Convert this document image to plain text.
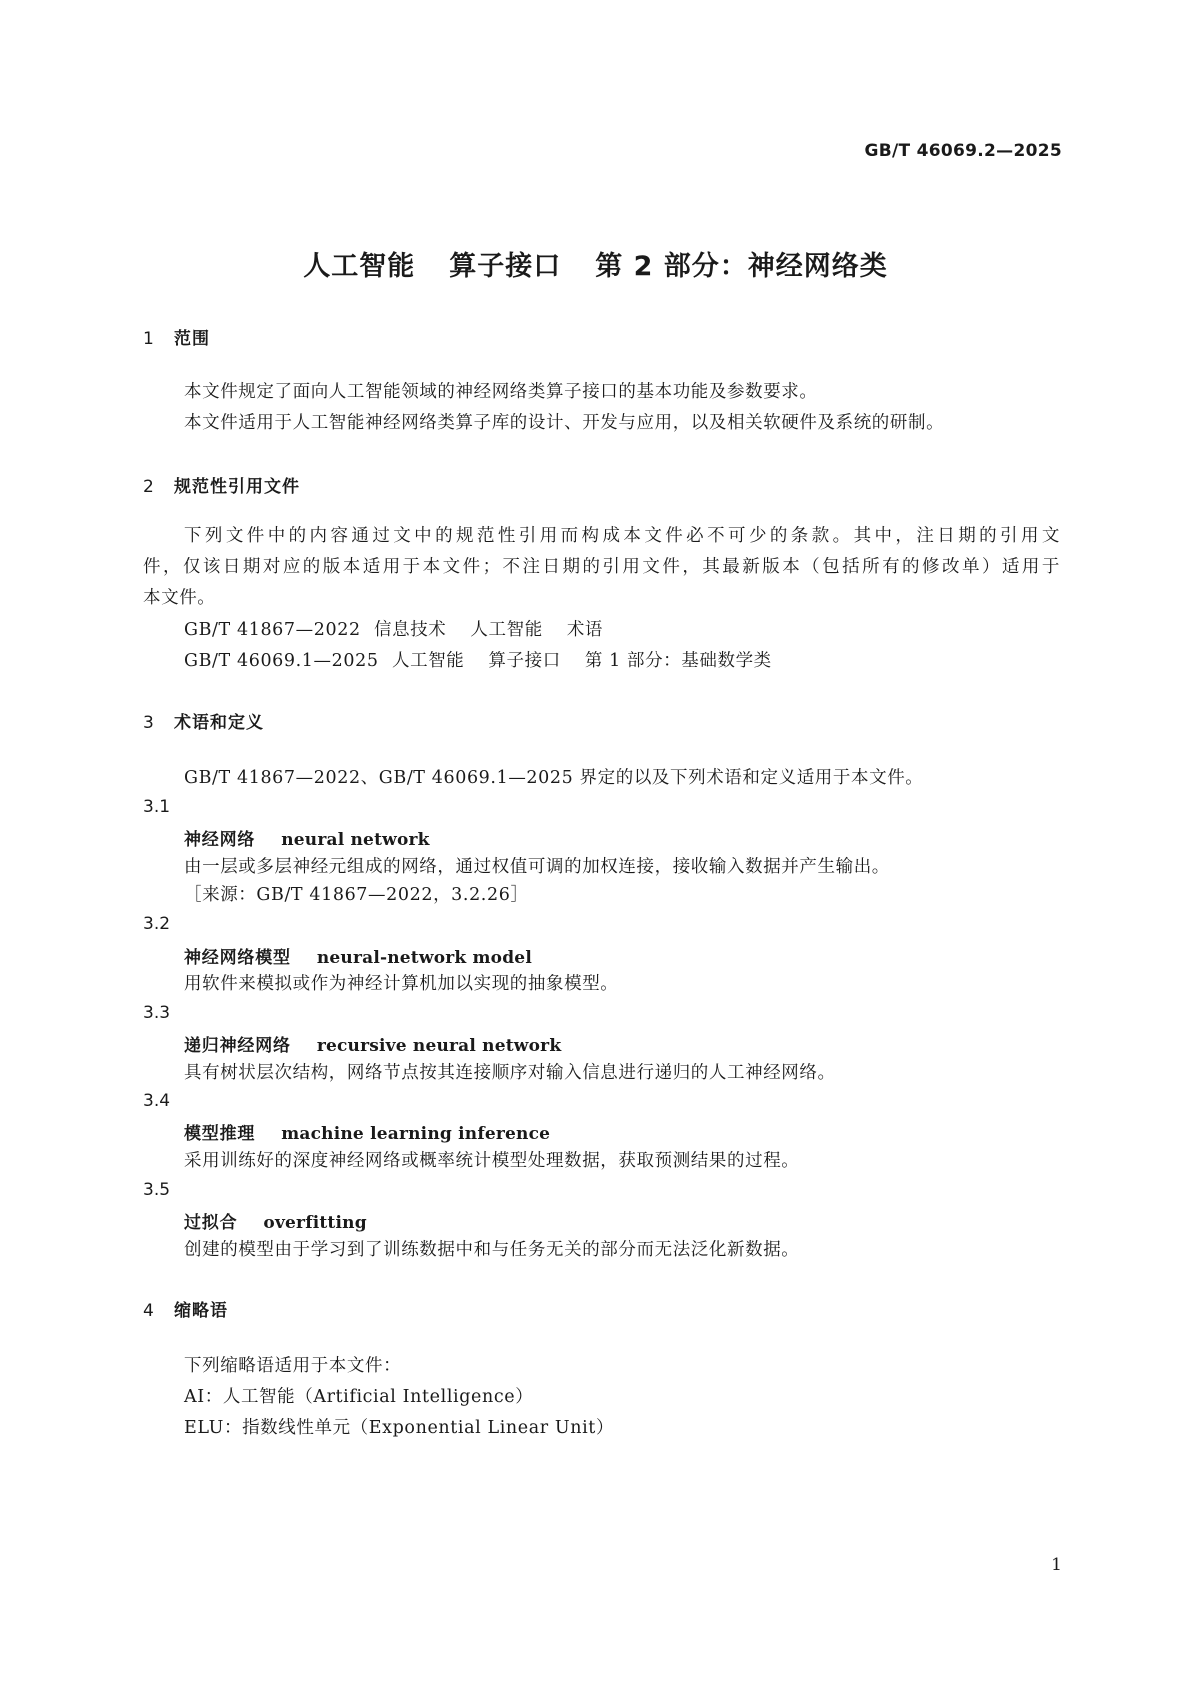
GB/T 46069.2—2025
人工智能 算子接口 第 2 部分：神经网络类
1	范围
本文件规定了面向人工智能领域的神经网络类算子接口的基本功能及参数要求。
本文件适用于人工智能神经网络类算子库的设计、开发与应用，以及相关软硬件及系统的研制。
2	规范性引用文件
下列文件中的内容通过文中的规范性引用而构成本文件必不可少的条款。其中，注日期的引用文
件，仅该日期对应的版本适用于本文件；不注日期的引用文件，其最新版本（包括所有的修改单）适用于
本文件。
GB/T 41867—2022 信息技术 人工智能 术语
GB/T 46069.1—2025 人工智能 算子接口 第 1 部分：基础数学类
3	术语和定义
GB/T 41867—2022、GB/T 46069.1—2025 界定的以及下列术语和定义适用于本文件。
3.1
神经网络 neural network
由一层或多层神经元组成的网络，通过权值可调的加权连接，接收输入数据并产生输出。
［来源：GB/T 41867—2022，3.2.26］
3.2
神经网络模型 neural-network model
用软件来模拟或作为神经计算机加以实现的抽象模型。
3.3
递归神经网络 recursive neural network
具有树状层次结构，网络节点按其连接顺序对输入信息进行递归的人工神经网络。
3.4
模型推理 machine learning inference
采用训练好的深度神经网络或概率统计模型处理数据，获取预测结果的过程。
3.5
过拟合 overfitting
创建的模型由于学习到了训练数据中和与任务无关的部分而无法泛化新数据。
4	缩略语
下列缩略语适用于本文件：
AI：人工智能（Artificial Intelligence）
ELU：指数线性单元（Exponential Linear Unit）
1
